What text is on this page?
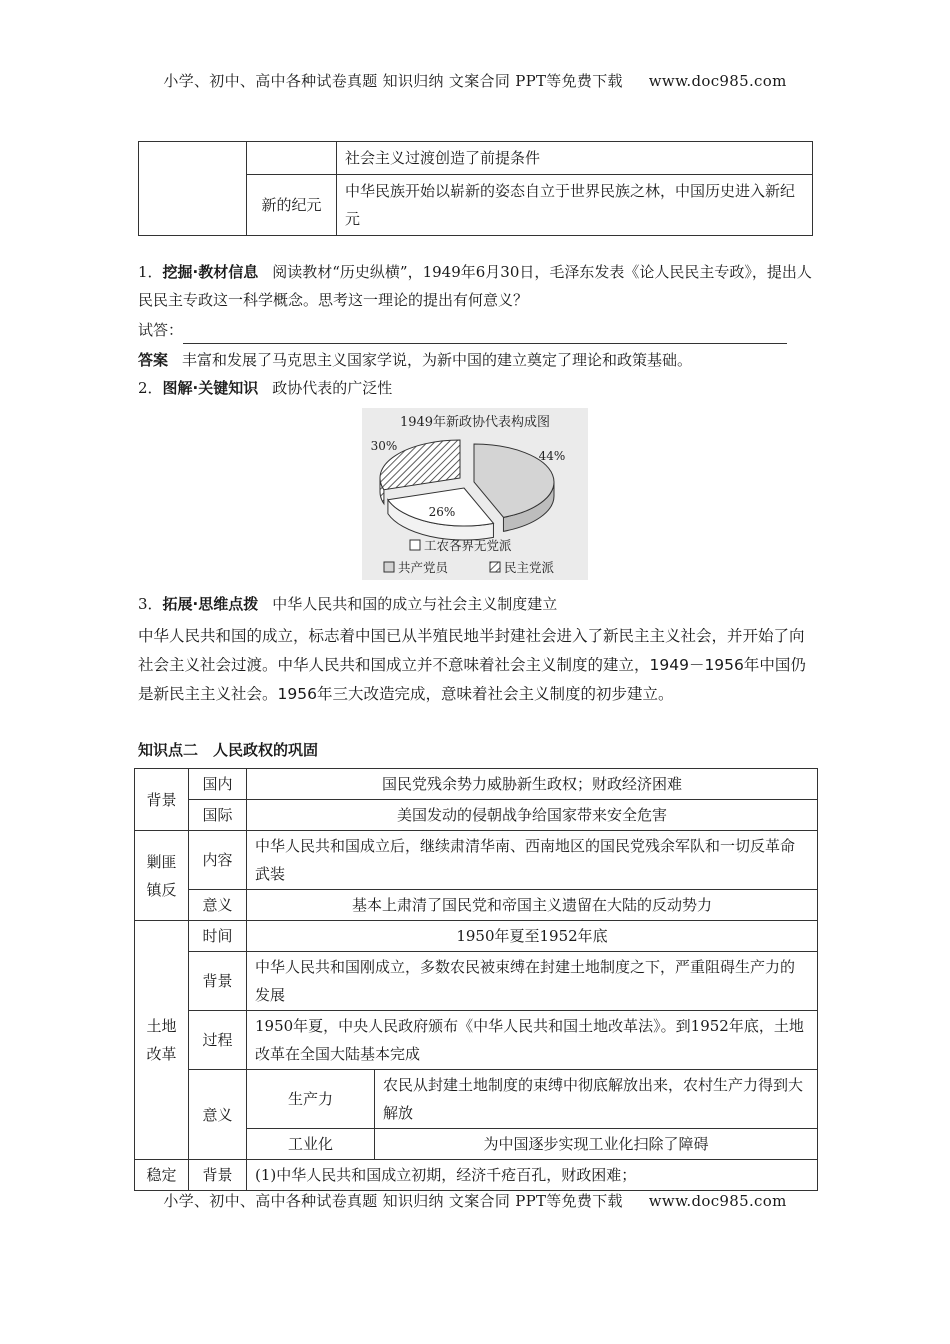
小学、初中、高中各种试卷真题 知识归纳 文案合同 PPT等免费下载 www.doc985.com
		社会主义过渡创造了前提条件
	新的纪元	中华民族开始以崭新的姿态自立于世界民族之林，中国历史进入新纪元
1．挖掘·教材信息 阅读教材“历史纵横”，1949年6月30日，毛泽东发表《论人民民主专政》，提出人民民主专政这一科学概念。思考这一理论的提出有何意义？
试答：
答案 丰富和发展了马克思主义国家学说，为新中国的建立奠定了理论和政策基础。
2．图解·关键知识 政协代表的广泛性
1949年新政协代表构成图
44%
26%
30%
工农各界无党派
共产党员	民主党派
3．拓展·思维点拨 中华人民共和国的成立与社会主义制度建立
中华人民共和国的成立，标志着中国已从半殖民地半封建社会进入了新民主主义社会，并开始了向社会主义社会过渡。中华人民共和国成立并不意味着社会主义制度的建立，1949－1956年中国仍是新民主主义社会。1956年三大改造完成，意味着社会主义制度的初步建立。
知识点二　人民政权的巩固
背景	国内	国民党残余势力威胁新生政权；财政经济困难	
	国际	美国发动的侵朝战争给国家带来安全危害	
剿匪镇反	内容	中华人民共和国成立后，继续肃清华南、西南地区的国民党残余军队和一切反革命武装	
	意义	基本上肃清了国民党和帝国主义遗留在大陆的反动势力	
土地改革	时间	1950年夏至1952年底	
	背景	中华人民共和国刚成立，多数农民被束缚在封建土地制度之下，严重阻碍生产力的发展	
	过程	1950年夏，中央人民政府颁布《中华人民共和国土地改革法》。到1952年底，土地改革在全国大陆基本完成	
	意义	生产力	农民从封建土地制度的束缚中彻底解放出来，农村生产力得到大解放
		工业化	为中国逐步实现工业化扫除了障碍
稳定	背景	(1)中华人民共和国成立初期，经济千疮百孔，财政困难；	
小学、初中、高中各种试卷真题 知识归纳 文案合同 PPT等免费下载 www.doc985.com
